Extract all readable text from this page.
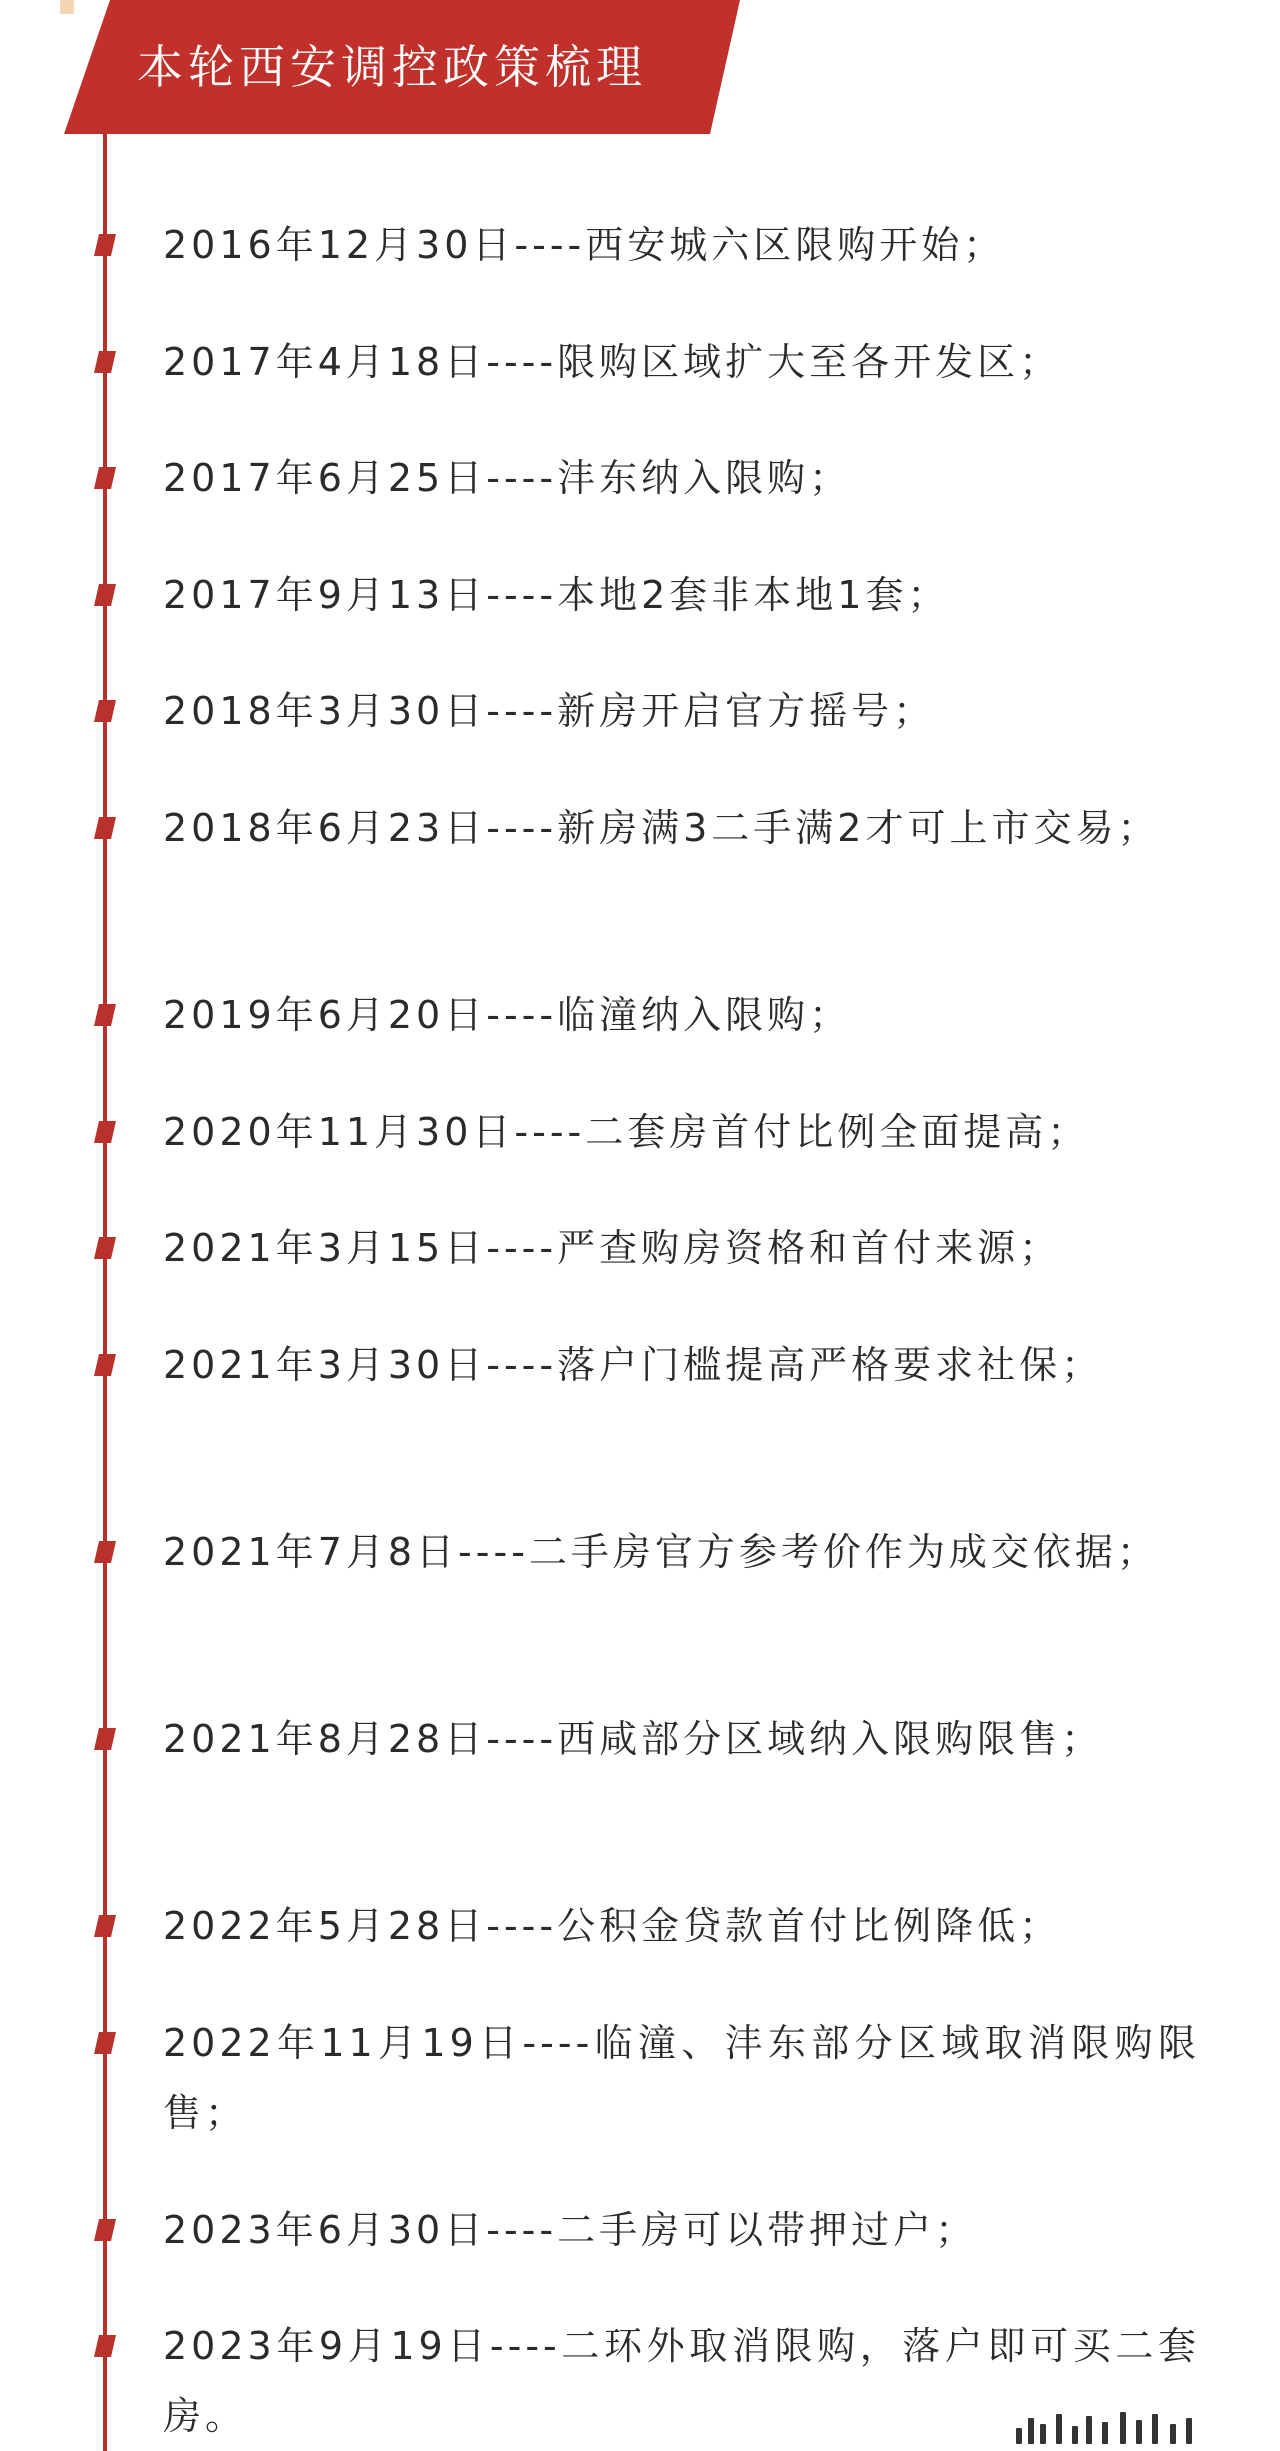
本轮西安调控政策梳理
2016年12月30日----西安城六区限购开始；
2017年4月18日----限购区域扩大至各开发区；
2017年6月25日----沣东纳入限购；
2017年9月13日----本地2套非本地1套；
2018年3月30日----新房开启官方摇号；
2018年6月23日----新房满3二手满2才可上市交易；
2019年6月20日----临潼纳入限购；
2020年11月30日----二套房首付比例全面提高；
2021年3月15日----严查购房资格和首付来源；
2021年3月30日----落户门槛提高严格要求社保；
2021年7月8日----二手房官方参考价作为成交依据；
2021年8月28日----西咸部分区域纳入限购限售；
2022年5月28日----公积金贷款首付比例降低；
2022年11月19日----临潼、沣东部分区域取消限购限售；
2023年6月30日----二手房可以带押过户；
2023年9月19日----二环外取消限购，落户即可买二套房。
